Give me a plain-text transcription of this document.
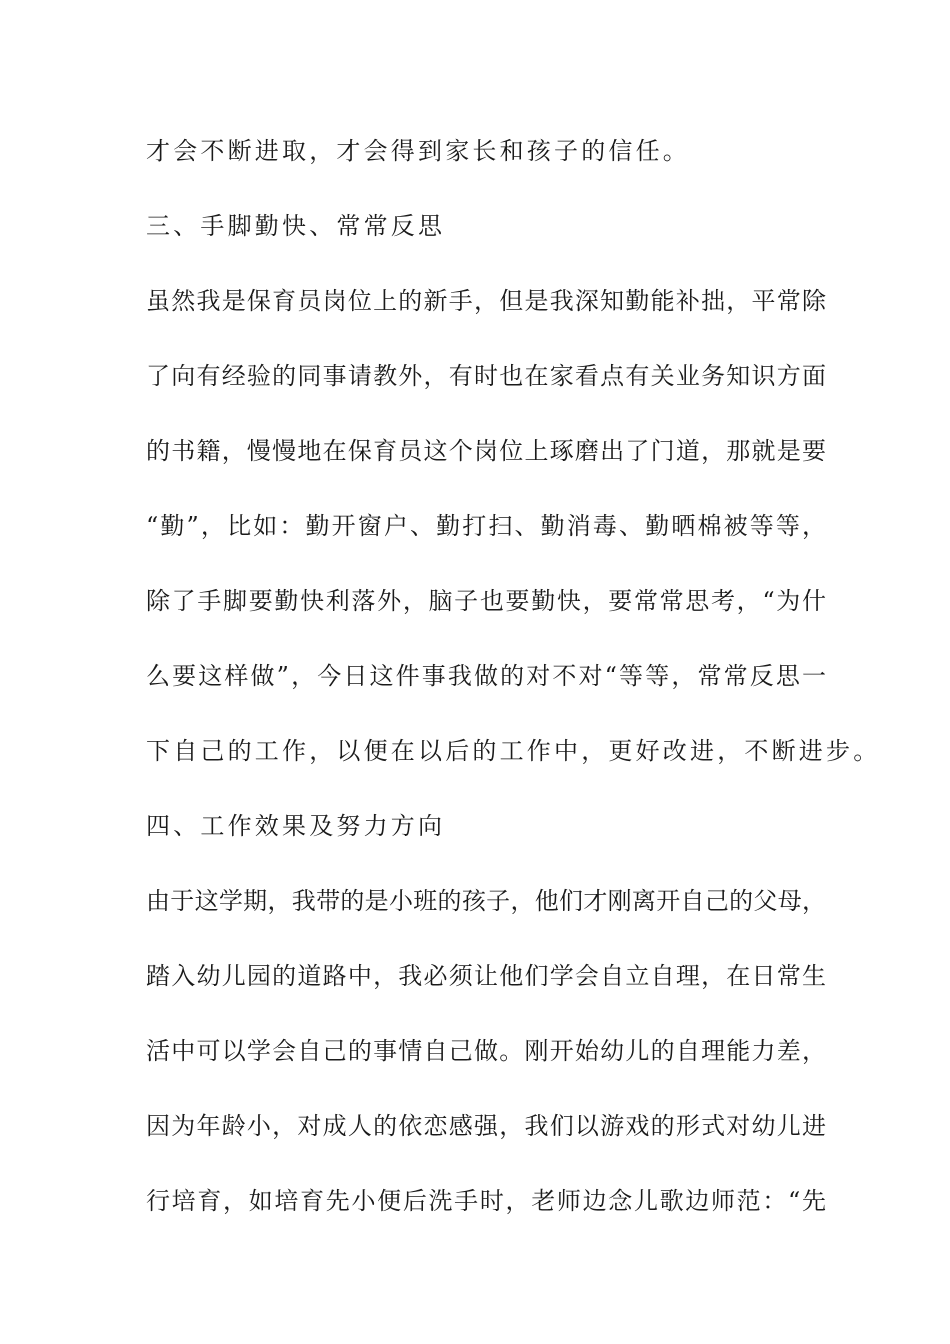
才会不断进取，才会得到家长和孩子的信任。
三、手脚勤快、常常反思
虽然我是保育员岗位上的新手，但是我深知勤能补拙，平常除
了向有经验的同事请教外，有时也在家看点有关业务知识方面
的书籍，慢慢地在保育员这个岗位上琢磨出了门道，那就是要
“勤”，比如：勤开窗户、勤打扫、勤消毒、勤晒棉被等等，
除了手脚要勤快利落外，脑子也要勤快，要常常思考，“为什
么要这样做”，今日这件事我做的对不对“等等，常常反思一
下自己的工作，以便在以后的工作中，更好改进，不断进步。
四、工作效果及努力方向
由于这学期，我带的是小班的孩子，他们才刚离开自己的父母，
踏入幼儿园的道路中，我必须让他们学会自立自理，在日常生
活中可以学会自己的事情自己做。刚开始幼儿的自理能力差，
因为年龄小，对成人的依恋感强，我们以游戏的形式对幼儿进
行培育，如培育先小便后洗手时，老师边念儿歌边师范：“先
